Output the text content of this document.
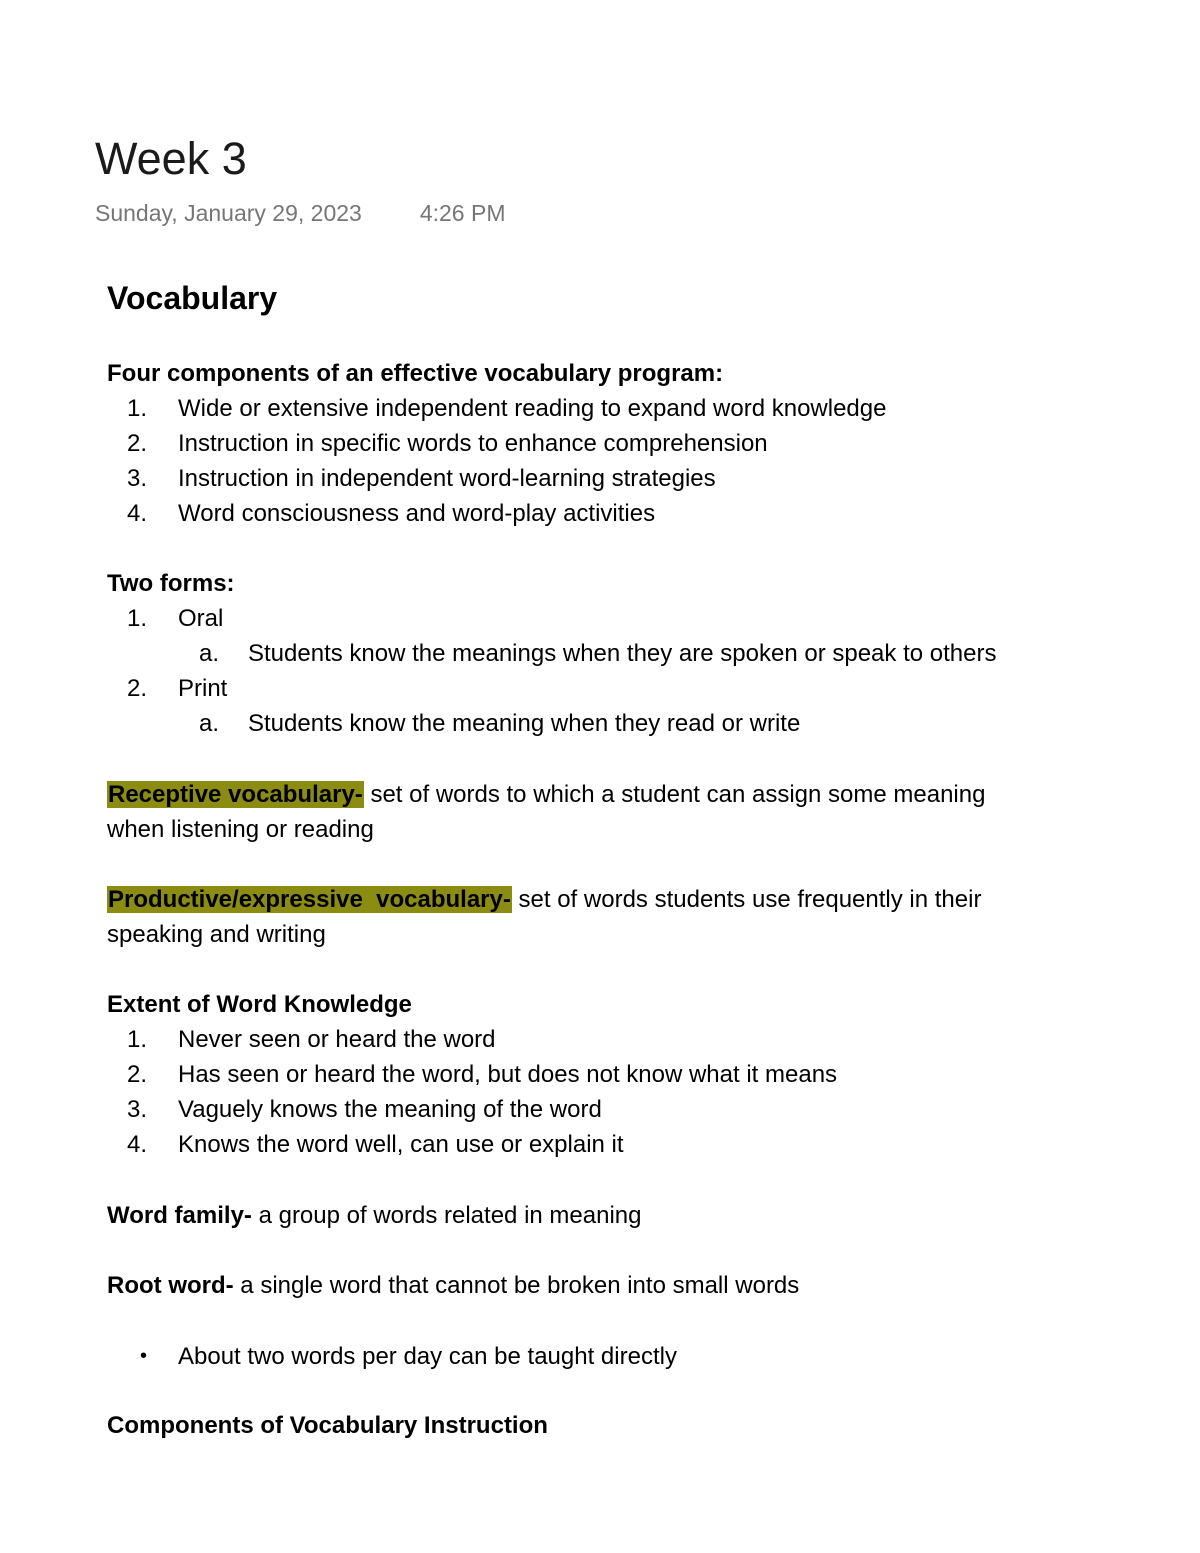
Week 3
Sunday, January 29, 2023	4:26 PM
Vocabulary
Four components of an effective vocabulary program:
1.	Wide or extensive independent reading to expand word knowledge
2.	Instruction in specific words to enhance comprehension
3.	Instruction in independent word-learning strategies
4.	Word consciousness and word-play activities
Two forms:
1.	Oral
a.	Students know the meanings when they are spoken or speak to others
2.	Print
a.	Students know the meaning when they read or write
Receptive vocabulary- set of words to which a student can assign some meaning
when listening or reading
Productive/expressive  vocabulary- set of words students use frequently in their
speaking and writing
Extent of Word Knowledge
1.	Never seen or heard the word
2.	Has seen or heard the word, but does not know what it means
3.	Vaguely knows the meaning of the word
4.	Knows the word well, can use or explain it
Word family- a group of words related in meaning
Root word- a single word that cannot be broken into small words
• About two words per day can be taught directly
Components of Vocabulary Instruction
